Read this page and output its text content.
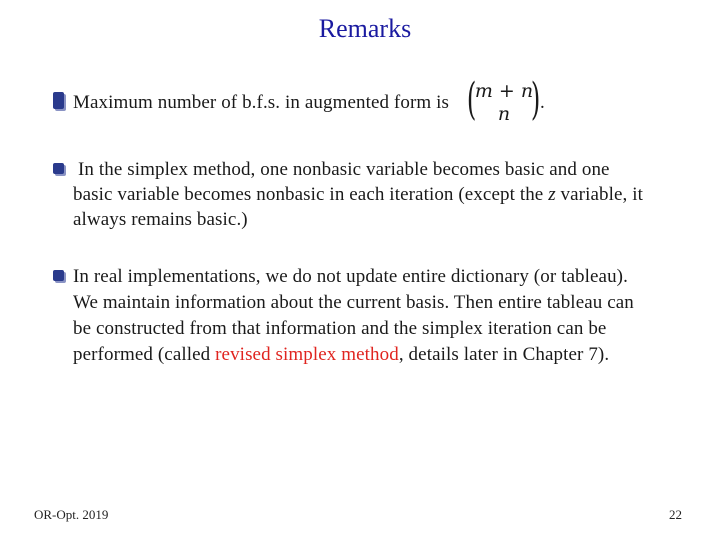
Remarks
Maximum number of b.f.s. in augmented form is (
m + n
n ) .
In the simplex method, one nonbasic variable becomes basic and one
basic variable becomes nonbasic in each iteration (except the z variable, it
always remains basic.)
In real implementations, we do not update entire dictionary (or tableau).
We maintain information about the current basis. Then entire tableau can
be constructed from that information and the simplex iteration can be
performed (called revised simplex method, details later in Chapter 7).
OR-Opt. 2019	22
